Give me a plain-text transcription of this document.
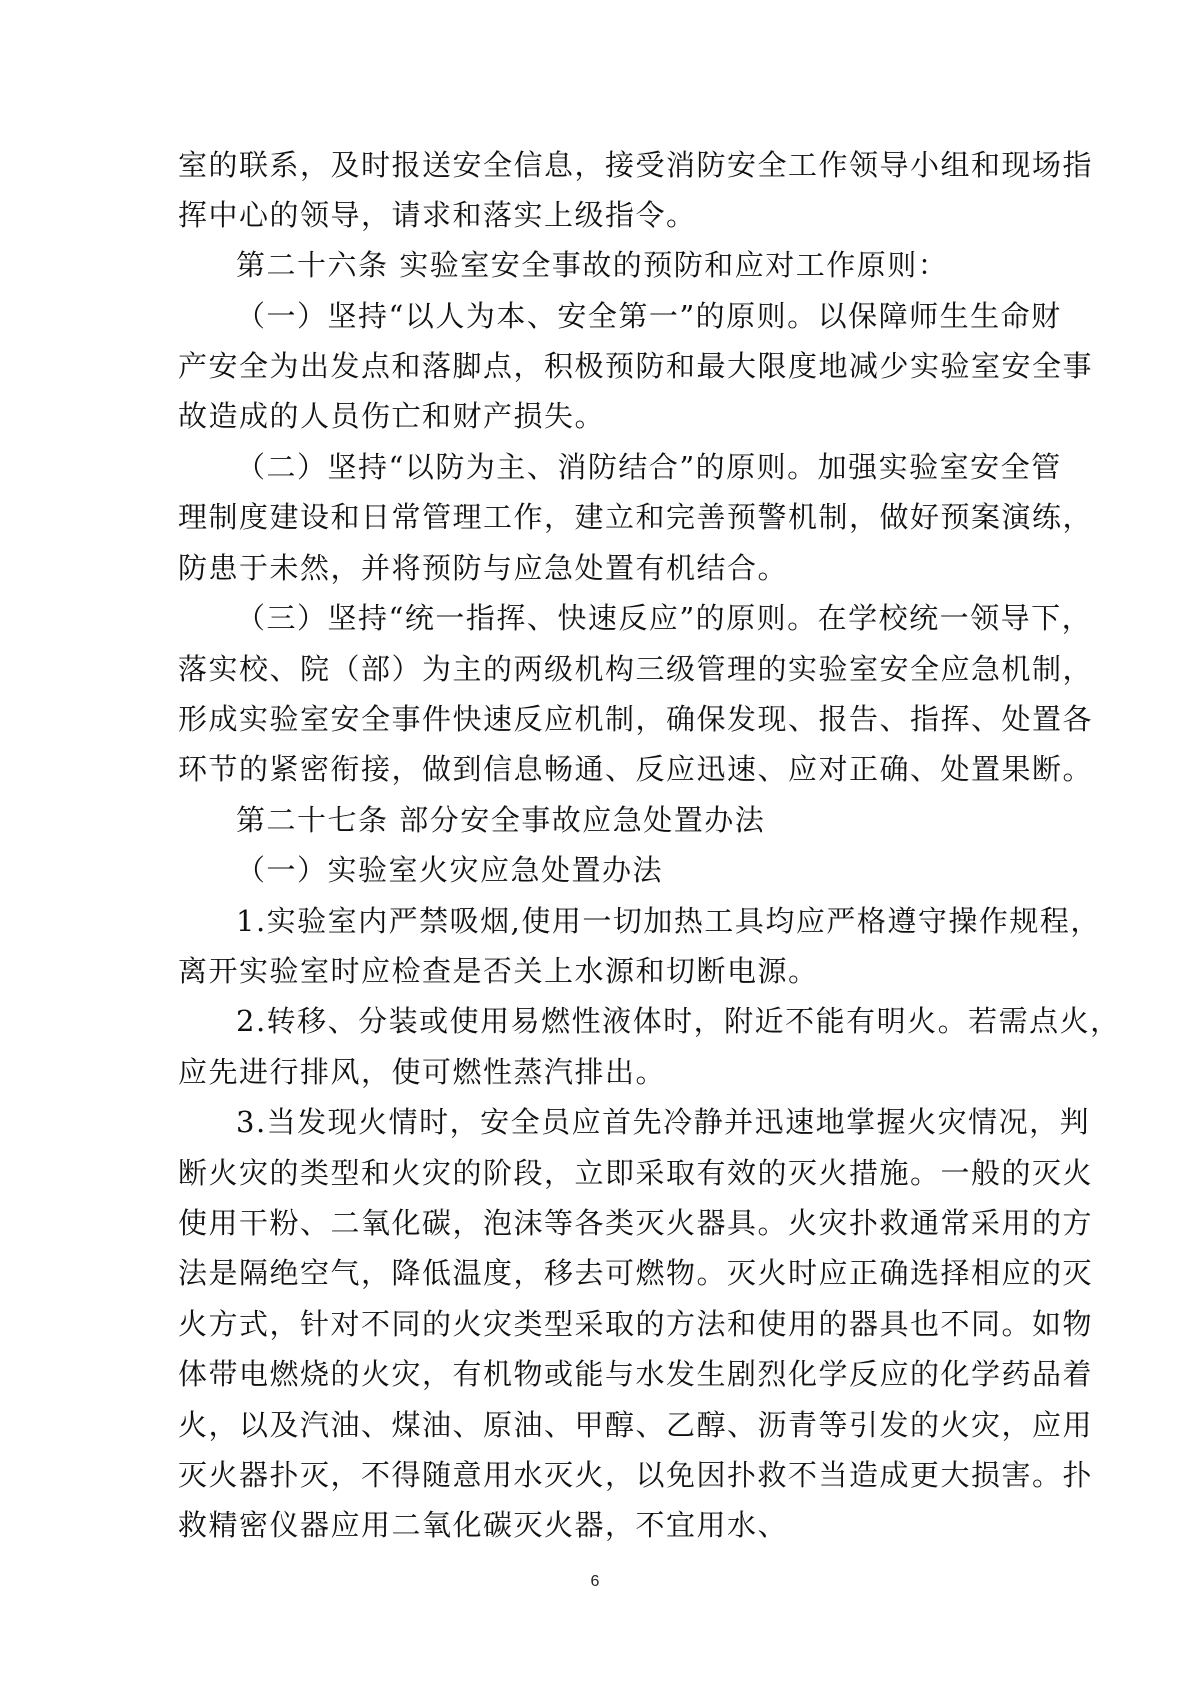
室的联系，及时报送安全信息，接受消防安全工作领导小组和现场指
挥中心的领导，请求和落实上级指令。
第二十六条 实验室安全事故的预防和应对工作原则：
（一）坚持“以人为本、安全第一”的原则。以保障师生生命财
产安全为出发点和落脚点，积极预防和最大限度地减少实验室安全事
故造成的人员伤亡和财产损失。
（二）坚持“以防为主、消防结合”的原则。加强实验室安全管
理制度建设和日常管理工作，建立和完善预警机制，做好预案演练，
防患于未然，并将预防与应急处置有机结合。
（三）坚持“统一指挥、快速反应”的原则。在学校统一领导下，
落实校、院（部）为主的两级机构三级管理的实验室安全应急机制，
形成实验室安全事件快速反应机制，确保发现、报告、指挥、处置各
环节的紧密衔接，做到信息畅通、反应迅速、应对正确、处置果断。
第二十七条 部分安全事故应急处置办法
（一）实验室火灾应急处置办法
1.实验室内严禁吸烟,使用一切加热工具均应严格遵守操作规程，
离开实验室时应检查是否关上水源和切断电源。
2.转移、分装或使用易燃性液体时，附近不能有明火。若需点火，
应先进行排风，使可燃性蒸汽排出。
3.当发现火情时，安全员应首先冷静并迅速地掌握火灾情况，判
断火灾的类型和火灾的阶段，立即采取有效的灭火措施。一般的灭火
使用干粉、二氧化碳，泡沫等各类灭火器具。火灾扑救通常采用的方
法是隔绝空气，降低温度，移去可燃物。灭火时应正确选择相应的灭
火方式，针对不同的火灾类型采取的方法和使用的器具也不同。如物
体带电燃烧的火灾，有机物或能与水发生剧烈化学反应的化学药品着
火，以及汽油、煤油、原油、甲醇、乙醇、沥青等引发的火灾，应用
灭火器扑灭，不得随意用水灭火，以免因扑救不当造成更大损害。扑
救精密仪器应用二氧化碳灭火器，不宜用水、
6
